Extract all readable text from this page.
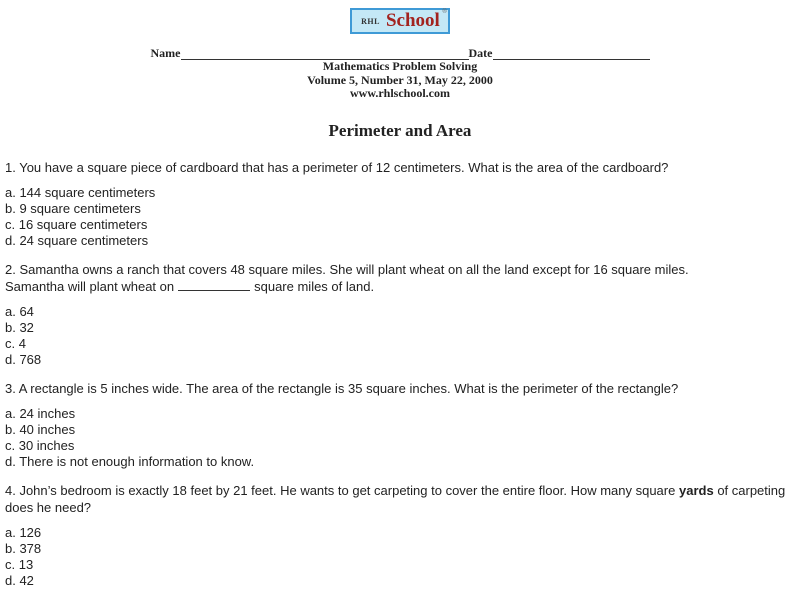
RHL School ®
Name	Date
Mathematics Problem Solving
Volume 5, Number 31, May 22, 2000
www.rhlschool.com
Perimeter and Area

1. You have a square piece of cardboard that has a perimeter of 12 centimeters. What is the area of the cardboard?

a. 144 square centimeters
b. 9 square centimeters
c. 16 square centimeters
d. 24 square centimeters

2. Samantha owns a ranch that covers 48 square miles. She will plant wheat on all the land except for 16 square miles.
Samantha will plant wheat on	square miles of land.

a. 64
b. 32
c. 4
d. 768

3. A rectangle is 5 inches wide. The area of the rectangle is 35 square inches. What is the perimeter of the rectangle?

a. 24 inches
b. 40 inches
c. 30 inches
d. There is not enough information to know.

4. John’s bedroom is exactly 18 feet by 21 feet. He wants to get carpeting to cover the entire floor. How many square yards of carpeting does he need?

a. 126
b. 378
c. 13
d. 42
